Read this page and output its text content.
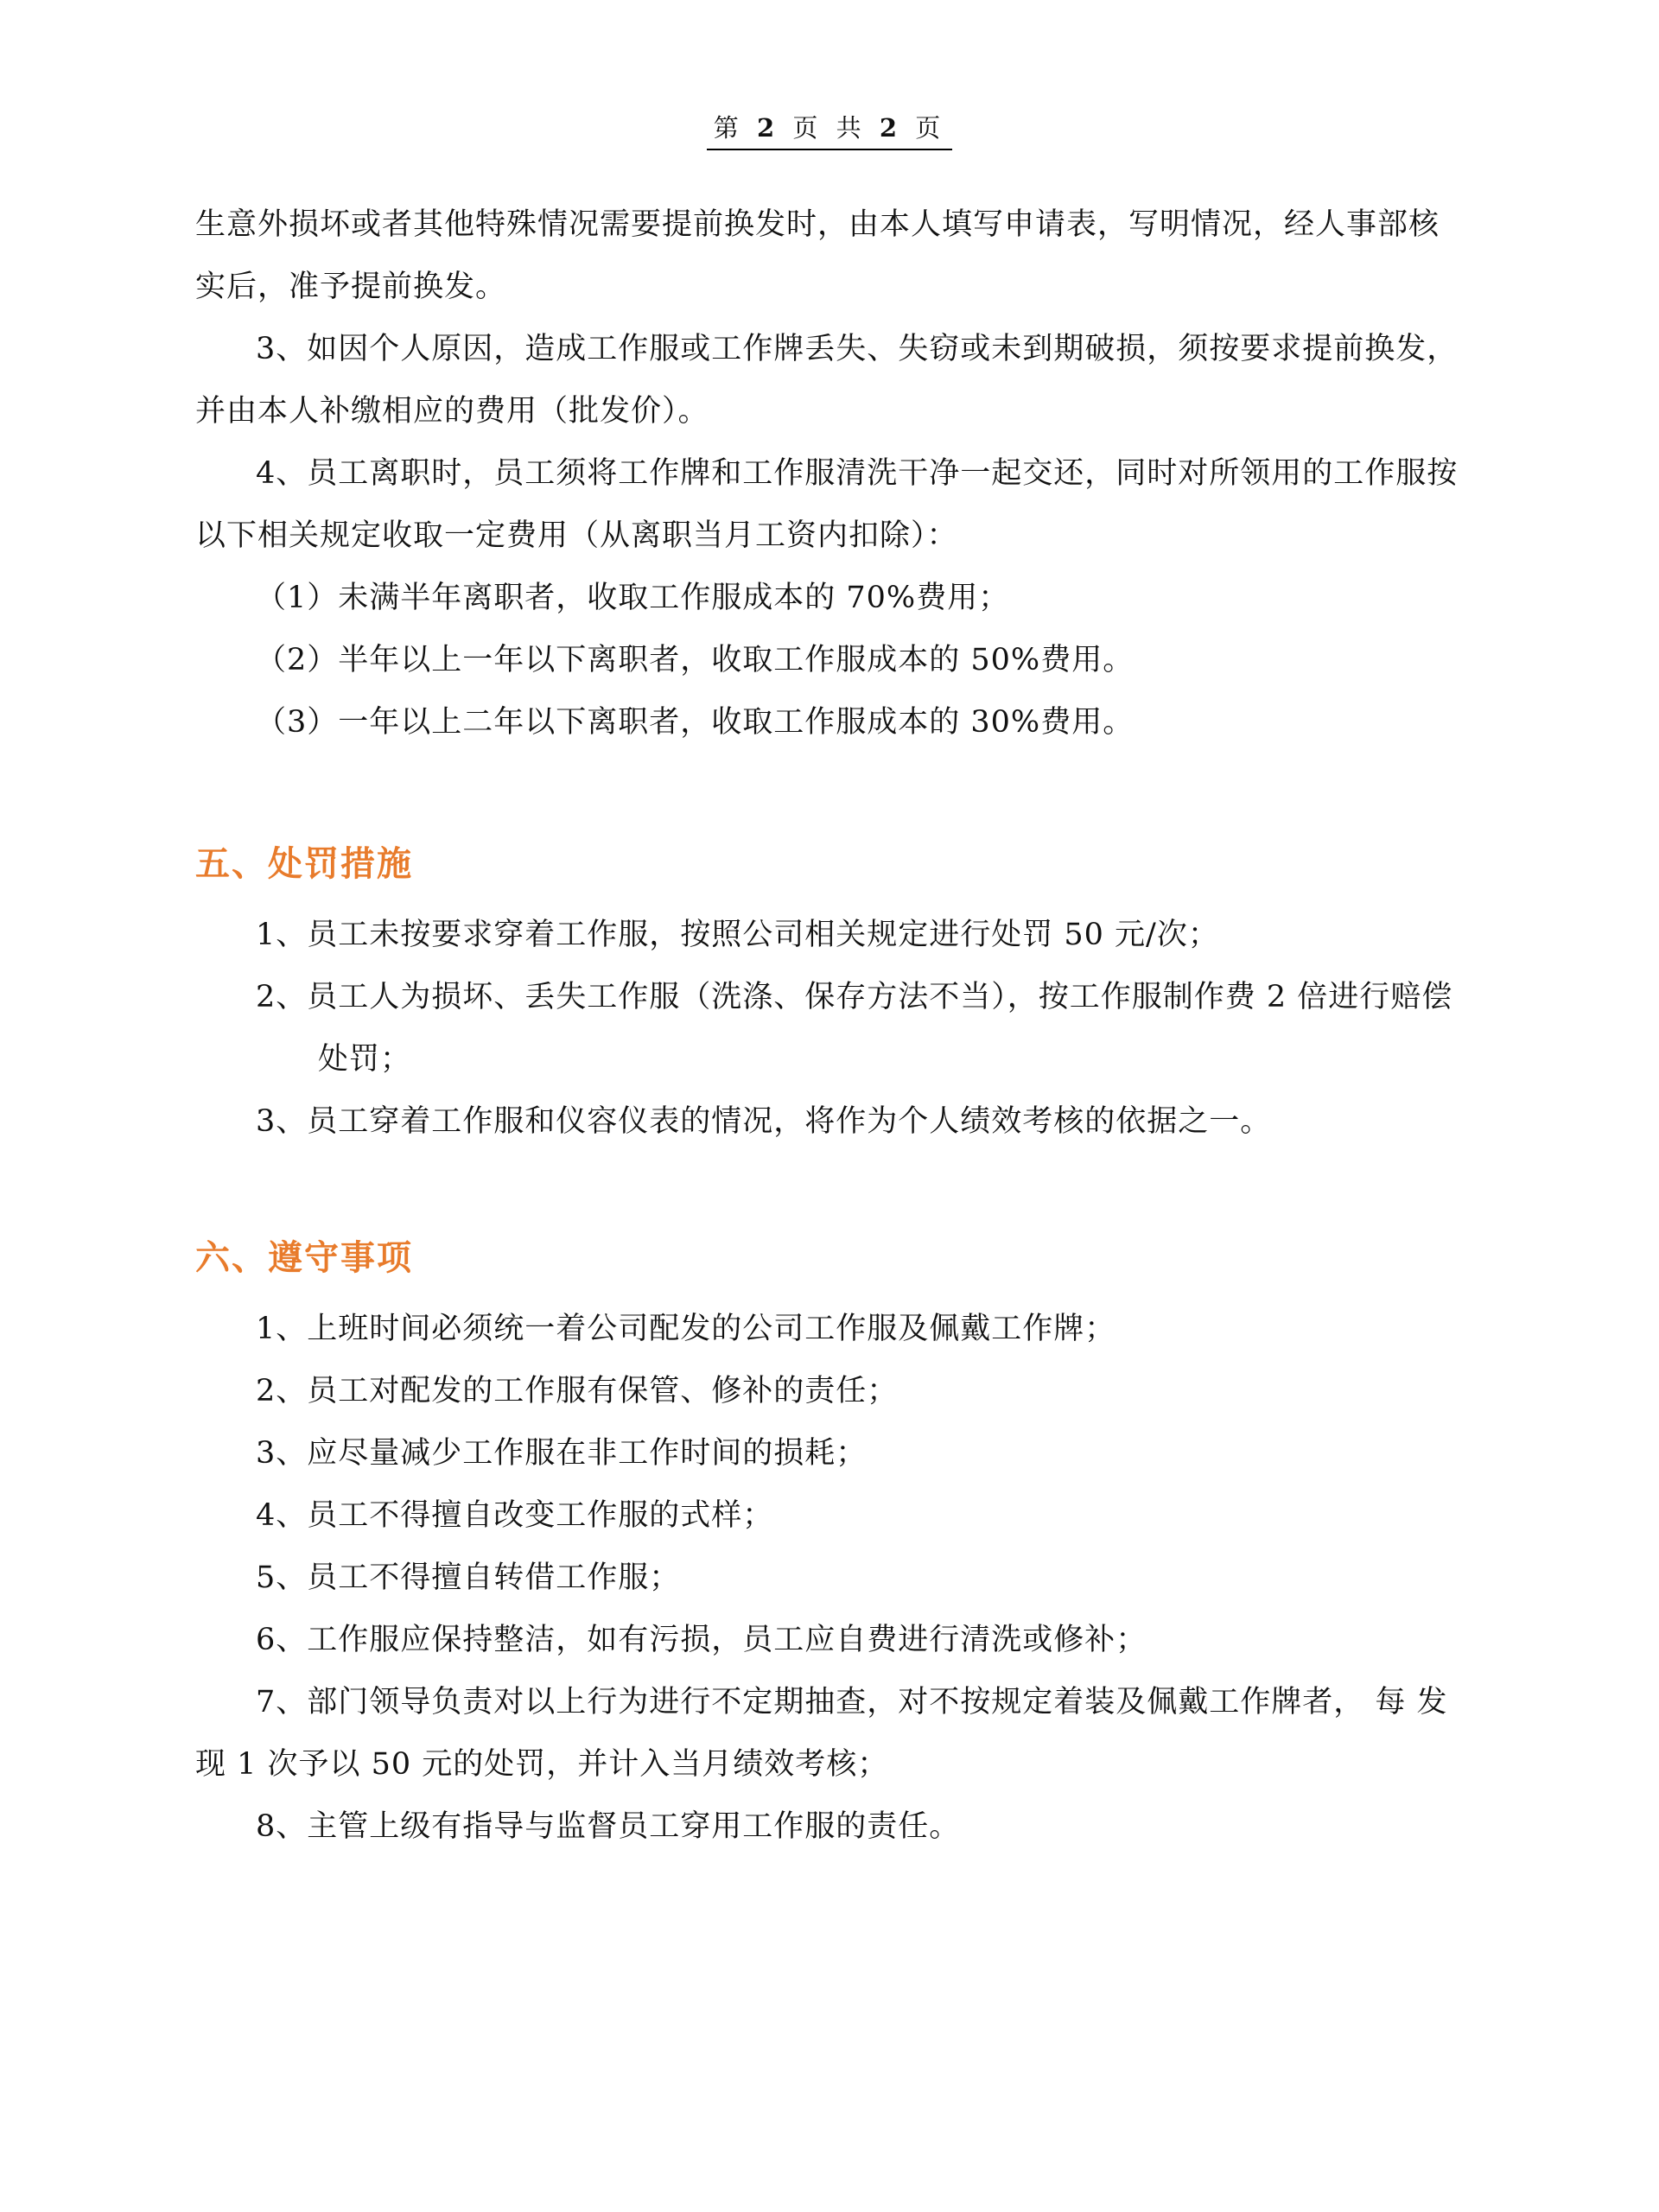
第 2 页 共 2 页

生意外损坏或者其他特殊情况需要提前换发时，由本人填写申请表，写明情况，经人事部核

实后，准予提前换发。

3、如因个人原因，造成工作服或工作牌丢失、失窃或未到期破损，须按要求提前换发，

并由本人补缴相应的费用（批发价）。

4、员工离职时，员工须将工作牌和工作服清洗干净一起交还，同时对所领用的工作服按

以下相关规定收取一定费用（从离职当月工资内扣除）：

（1）未满半年离职者，收取工作服成本的 70%费用；

（2）半年以上一年以下离职者，收取工作服成本的 50%费用。

（3）一年以上二年以下离职者，收取工作服成本的 30%费用。

五、处罚措施

1、员工未按要求穿着工作服，按照公司相关规定进行处罚 50 元/次；

2、员工人为损坏、丢失工作服（洗涤、保存方法不当），按工作服制作费 2 倍进行赔偿

处罚；

3、员工穿着工作服和仪容仪表的情况，将作为个人绩效考核的依据之一。

六、遵守事项

1、上班时间必须统一着公司配发的公司工作服及佩戴工作牌；

2、员工对配发的工作服有保管、修补的责任；

3、应尽量减少工作服在非工作时间的损耗；

4、员工不得擅自改变工作服的式样；

5、员工不得擅自转借工作服；

6、工作服应保持整洁，如有污损，员工应自费进行清洗或修补；

7、部门领导负责对以上行为进行不定期抽查，对不按规定着装及佩戴工作牌者， 每 发

现 1 次予以 50 元的处罚，并计入当月绩效考核；

8、主管上级有指导与监督员工穿用工作服的责任。
